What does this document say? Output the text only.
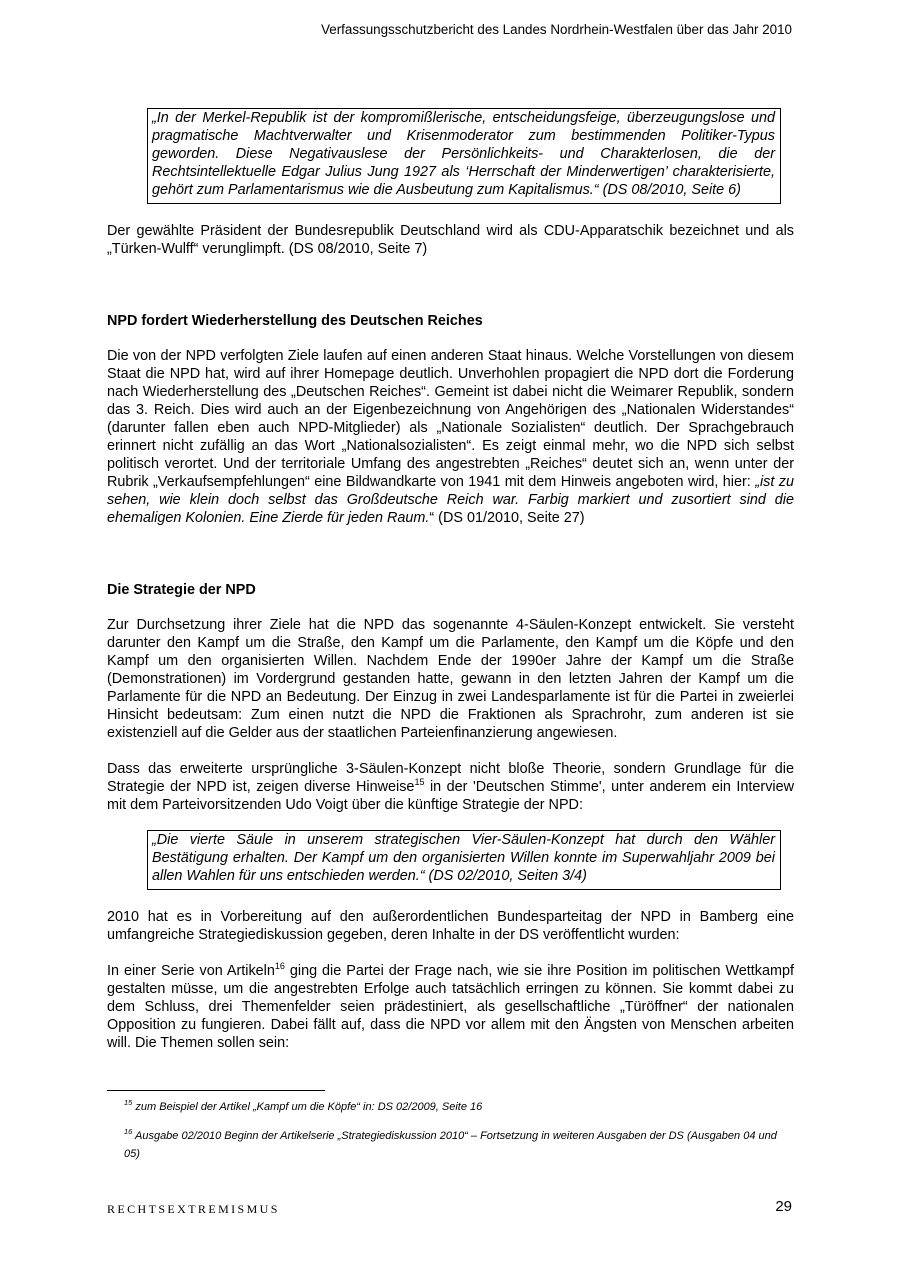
Verfassungsschutzbericht des Landes Nordrhein-Westfalen über das Jahr 2010
„In der Merkel-Republik ist der kompromißlerische, entscheidungsfeige, überzeugungslose und pragmatische Machtverwalter und Krisenmoderator zum bestimmenden Politiker-Typus geworden. Diese Negativauslese der Persönlichkeits- und Charakterlosen, die der Rechtsintellektuelle Edgar Julius Jung 1927 als ‘Herrschaft der Minderwertigen’ charakterisierte, gehört zum Parlamentarismus wie die Ausbeutung zum Kapitalismus.“ (DS 08/2010, Seite 6)

Der gewählte Präsident der Bundesrepublik Deutschland wird als CDU-Apparatschik bezeichnet und als „Türken-Wulff“ verunglimpft. (DS 08/2010, Seite 7)

NPD fordert Wiederherstellung des Deutschen Reiches

Die von der NPD verfolgten Ziele laufen auf einen anderen Staat hinaus. Welche Vorstellungen von diesem Staat die NPD hat, wird auf ihrer Homepage deutlich. Unverhohlen propagiert die NPD dort die Forderung nach Wiederherstellung des „Deutschen Reiches“. Gemeint ist dabei nicht die Weimarer Republik, sondern das 3. Reich. Dies wird auch an der Eigenbezeichnung von Angehörigen des „Nationalen Widerstandes“ (darunter fallen eben auch NPD-Mitglieder) als „Nationale Sozialisten“ deutlich. Der Sprachgebrauch erinnert nicht zufällig an das Wort „Nationalsozialisten“. Es zeigt einmal mehr, wo die NPD sich selbst politisch verortet. Und der territoriale Umfang des angestrebten „Reiches“ deutet sich an, wenn unter der Rubrik „Verkaufsempfehlungen“ eine Bildwandkarte von 1941 mit dem Hinweis angeboten wird, hier: „ist zu sehen, wie klein doch selbst das Großdeutsche Reich war. Farbig markiert und zusortiert sind die ehemaligen Kolonien. Eine Zierde für jeden Raum.“ (DS 01/2010, Seite 27)

Die Strategie der NPD

Zur Durchsetzung ihrer Ziele hat die NPD das sogenannte 4-Säulen-Konzept entwickelt. Sie versteht darunter den Kampf um die Straße, den Kampf um die Parlamente, den Kampf um die Köpfe und den Kampf um den organisierten Willen. Nachdem Ende der 1990er Jahre der Kampf um die Straße (Demonstrationen) im Vordergrund gestanden hatte, gewann in den letzten Jahren der Kampf um die Parlamente für die NPD an Bedeutung. Der Einzug in zwei Landesparlamente ist für die Partei in zweierlei Hinsicht bedeutsam: Zum einen nutzt die NPD die Fraktionen als Sprachrohr, zum anderen ist sie existenziell auf die Gelder aus der staatlichen Parteienfinanzierung angewiesen.

Dass das erweiterte ursprüngliche 3-Säulen-Konzept nicht bloße Theorie, sondern Grundlage für die Strategie der NPD ist, zeigen diverse Hinweise$^{15}$ in der 'Deutschen Stimme', unter anderem ein Interview mit dem Parteivorsitzenden Udo Voigt über die künftige Strategie der NPD:

„Die vierte Säule in unserem strategischen Vier-Säulen-Konzept hat durch den Wähler Bestätigung erhalten. Der Kampf um den organisierten Willen konnte im Superwahljahr 2009 bei allen Wahlen für uns entschieden werden.“ (DS 02/2010, Seiten 3/4)

2010 hat es in Vorbereitung auf den außerordentlichen Bundesparteitag der NPD in Bamberg eine umfangreiche Strategiediskussion gegeben, deren Inhalte in der DS veröffentlicht wurden:

In einer Serie von Artikeln$^{16}$ ging die Partei der Frage nach, wie sie ihre Position im politischen Wettkampf gestalten müsse, um die angestrebten Erfolge auch tatsächlich erringen zu können. Sie kommt dabei zu dem Schluss, drei Themenfelder seien prädestiniert, als gesellschaftliche „Türöffner“ der nationalen Opposition zu fungieren. Dabei fällt auf, dass die NPD vor allem mit den Ängsten von Menschen arbeiten will. Die Themen sollen sein:

$^{15}$ zum Beispiel der Artikel „Kampf um die Köpfe“ in: DS 02/2009, Seite 16

$^{16}$ Ausgabe 02/2010 Beginn der Artikelserie „Strategiediskussion 2010“ – Fortsetzung in weiteren Ausgaben der DS (Ausgaben 04 und 05)

RECHTSEXTREMISMUS	29
